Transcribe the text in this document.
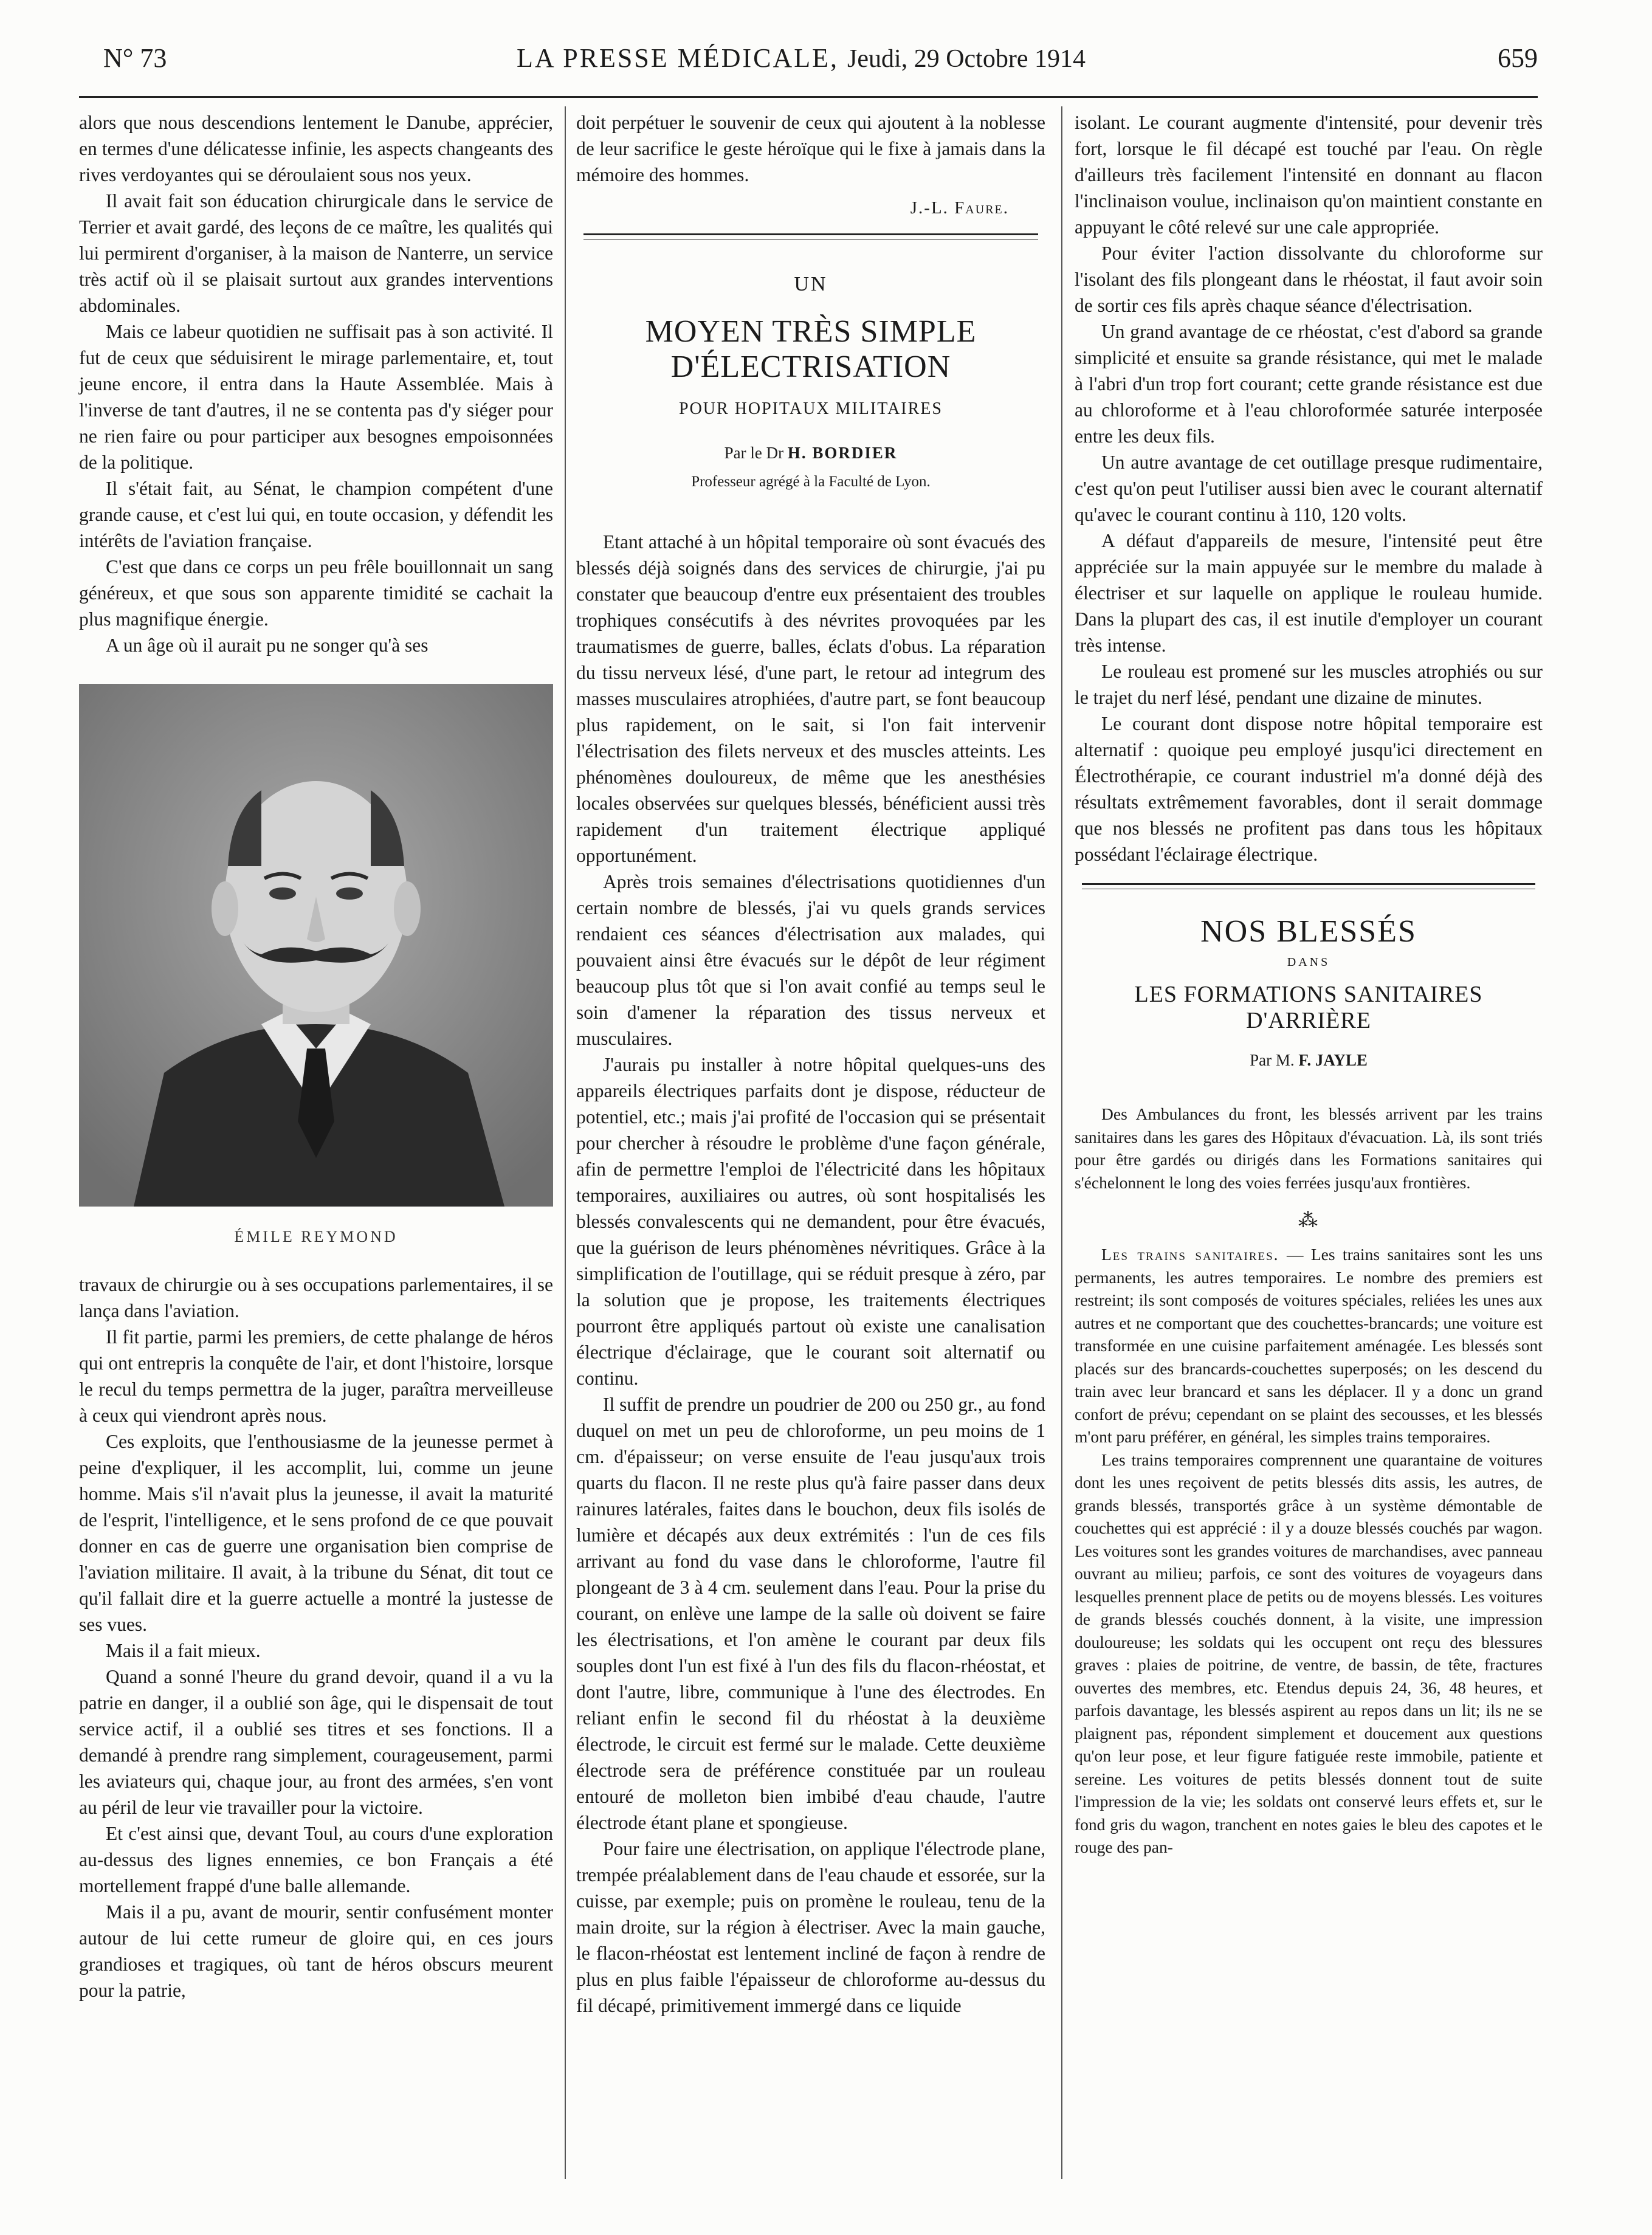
N° 73	LA PRESSE MÉDICALE, Jeudi, 29 Octobre 1914	659

alors que nous descendions lentement le Danube, apprécier, en termes d'une délicatesse infinie, les aspects changeants des rives verdoyantes qui se déroulaient sous nos yeux.

Il avait fait son éducation chirurgicale dans le service de Terrier et avait gardé, des leçons de ce maître, les qualités qui lui permirent d'organiser, à la maison de Nanterre, un service très actif où il se plaisait surtout aux grandes interventions abdominales.

Mais ce labeur quotidien ne suffisait pas à son activité. Il fut de ceux que séduisirent le mirage parlementaire, et, tout jeune encore, il entra dans la Haute Assemblée. Mais à l'inverse de tant d'autres, il ne se contenta pas d'y siéger pour ne rien faire ou pour participer aux besognes empoisonnées de la politique.

Il s'était fait, au Sénat, le champion compétent d'une grande cause, et c'est lui qui, en toute occasion, y défendit les intérêts de l'aviation française.

C'est que dans ce corps un peu frêle bouillonnait un sang généreux, et que sous son apparente timidité se cachait la plus magnifique énergie.

A un âge où il aurait pu ne songer qu'à ses

ÉMILE REYMOND

travaux de chirurgie ou à ses occupations parlementaires, il se lança dans l'aviation.

Il fit partie, parmi les premiers, de cette phalange de héros qui ont entrepris la conquête de l'air, et dont l'histoire, lorsque le recul du temps permettra de la juger, paraîtra merveilleuse à ceux qui viendront après nous.

Ces exploits, que l'enthousiasme de la jeunesse permet à peine d'expliquer, il les accomplit, lui, comme un jeune homme. Mais s'il n'avait plus la jeunesse, il avait la maturité de l'esprit, l'intelligence, et le sens profond de ce que pouvait donner en cas de guerre une organisation bien comprise de l'aviation militaire. Il avait, à la tribune du Sénat, dit tout ce qu'il fallait dire et la guerre actuelle a montré la justesse de ses vues.

Mais il a fait mieux.

Quand a sonné l'heure du grand devoir, quand il a vu la patrie en danger, il a oublié son âge, qui le dispensait de tout service actif, il a oublié ses titres et ses fonctions. Il a demandé à prendre rang simplement, courageusement, parmi les aviateurs qui, chaque jour, au front des armées, s'en vont au péril de leur vie travailler pour la victoire.

Et c'est ainsi que, devant Toul, au cours d'une exploration au-dessus des lignes ennemies, ce bon Français a été mortellement frappé d'une balle allemande.

Mais il a pu, avant de mourir, sentir confusément monter autour de lui cette rumeur de gloire qui, en ces jours grandioses et tragiques, où tant de héros obscurs meurent pour la patrie,

doit perpétuer le souvenir de ceux qui ajoutent à la noblesse de leur sacrifice le geste héroïque qui le fixe à jamais dans la mémoire des hommes.

J.-L. Faure.
UN
MOYEN TRÈS SIMPLE D'ÉLECTRISATION
POUR HOPITAUX MILITAIRES
Par le Dr H. BORDIER
Professeur agrégé à la Faculté de Lyon.

Etant attaché à un hôpital temporaire où sont évacués des blessés déjà soignés dans des services de chirurgie, j'ai pu constater que beaucoup d'entre eux présentaient des troubles trophiques consécutifs à des névrites provoquées par les traumatismes de guerre, balles, éclats d'obus. La réparation du tissu nerveux lésé, d'une part, le retour ad integrum des masses musculaires atrophiées, d'autre part, se font beaucoup plus rapidement, on le sait, si l'on fait intervenir l'électrisation des filets nerveux et des muscles atteints. Les phénomènes douloureux, de même que les anesthésies locales observées sur quelques blessés, bénéficient aussi très rapidement d'un traitement électrique appliqué opportunément.

Après trois semaines d'électrisations quotidiennes d'un certain nombre de blessés, j'ai vu quels grands services rendaient ces séances d'électrisation aux malades, qui pouvaient ainsi être évacués sur le dépôt de leur régiment beaucoup plus tôt que si l'on avait confié au temps seul le soin d'amener la réparation des tissus nerveux et musculaires.

J'aurais pu installer à notre hôpital quelques-uns des appareils électriques parfaits dont je dispose, réducteur de potentiel, etc.; mais j'ai profité de l'occasion qui se présentait pour chercher à résoudre le problème d'une façon générale, afin de permettre l'emploi de l'électricité dans les hôpitaux temporaires, auxiliaires ou autres, où sont hospitalisés les blessés convalescents qui ne demandent, pour être évacués, que la guérison de leurs phénomènes névritiques. Grâce à la simplification de l'outillage, qui se réduit presque à zéro, par la solution que je propose, les traitements électriques pourront être appliqués partout où existe une canalisation électrique d'éclairage, que le courant soit alternatif ou continu.

Il suffit de prendre un poudrier de 200 ou 250 gr., au fond duquel on met un peu de chloroforme, un peu moins de 1 cm. d'épaisseur; on verse ensuite de l'eau jusqu'aux trois quarts du flacon. Il ne reste plus qu'à faire passer dans deux rainures latérales, faites dans le bouchon, deux fils isolés de lumière et décapés aux deux extrémités : l'un de ces fils arrivant au fond du vase dans le chloroforme, l'autre fil plongeant de 3 à 4 cm. seulement dans l'eau. Pour la prise du courant, on enlève une lampe de la salle où doivent se faire les électrisations, et l'on amène le courant par deux fils souples dont l'un est fixé à l'un des fils du flacon-rhéostat, et dont l'autre, libre, communique à l'une des électrodes. En reliant enfin le second fil du rhéostat à la deuxième électrode, le circuit est fermé sur le malade. Cette deuxième électrode sera de préférence constituée par un rouleau entouré de molleton bien imbibé d'eau chaude, l'autre électrode étant plane et spongieuse.

Pour faire une électrisation, on applique l'électrode plane, trempée préalablement dans de l'eau chaude et essorée, sur la cuisse, par exemple; puis on promène le rouleau, tenu de la main droite, sur la région à électriser. Avec la main gauche, le flacon-rhéostat est lentement incliné de façon à rendre de plus en plus faible l'épaisseur de chloroforme au-dessus du fil décapé, primitivement immergé dans ce liquide

isolant. Le courant augmente d'intensité, pour devenir très fort, lorsque le fil décapé est touché par l'eau. On règle d'ailleurs très facilement l'intensité en donnant au flacon l'inclinaison voulue, inclinaison qu'on maintient constante en appuyant le côté relevé sur une cale appropriée.

Pour éviter l'action dissolvante du chloroforme sur l'isolant des fils plongeant dans le rhéostat, il faut avoir soin de sortir ces fils après chaque séance d'électrisation.

Un grand avantage de ce rhéostat, c'est d'abord sa grande simplicité et ensuite sa grande résistance, qui met le malade à l'abri d'un trop fort courant; cette grande résistance est due au chloroforme et à l'eau chloroformée saturée interposée entre les deux fils.

Un autre avantage de cet outillage presque rudimentaire, c'est qu'on peut l'utiliser aussi bien avec le courant alternatif qu'avec le courant continu à 110, 120 volts.

A défaut d'appareils de mesure, l'intensité peut être appréciée sur la main appuyée sur le membre du malade à électriser et sur laquelle on applique le rouleau humide. Dans la plupart des cas, il est inutile d'employer un courant très intense.

Le rouleau est promené sur les muscles atrophiés ou sur le trajet du nerf lésé, pendant une dizaine de minutes.

Le courant dont dispose notre hôpital temporaire est alternatif : quoique peu employé jusqu'ici directement en Électrothérapie, ce courant industriel m'a donné déjà des résultats extrêmement favorables, dont il serait dommage que nos blessés ne profitent pas dans tous les hôpitaux possédant l'éclairage électrique.

NOS BLESSÉS
DANS
LES FORMATIONS SANITAIRES D'ARRIÈRE
Par M. F. JAYLE

Des Ambulances du front, les blessés arrivent par les trains sanitaires dans les gares des Hôpitaux d'évacuation. Là, ils sont triés pour être gardés ou dirigés dans les Formations sanitaires qui s'échelonnent le long des voies ferrées jusqu'aux frontières.

⁂

Les trains sanitaires. — Les trains sanitaires sont les uns permanents, les autres temporaires. Le nombre des premiers est restreint; ils sont composés de voitures spéciales, reliées les unes aux autres et ne comportant que des couchettes-brancards; une voiture est transformée en une cuisine parfaitement aménagée. Les blessés sont placés sur des brancards-couchettes superposés; on les descend du train avec leur brancard et sans les déplacer. Il y a donc un grand confort de prévu; cependant on se plaint des secousses, et les blessés m'ont paru préférer, en général, les simples trains temporaires.

Les trains temporaires comprennent une quarantaine de voitures dont les unes reçoivent de petits blessés dits assis, les autres, de grands blessés, transportés grâce à un système démontable de couchettes qui est apprécié : il y a douze blessés couchés par wagon. Les voitures sont les grandes voitures de marchandises, avec panneau ouvrant au milieu; parfois, ce sont des voitures de voyageurs dans lesquelles prennent place de petits ou de moyens blessés. Les voitures de grands blessés couchés donnent, à la visite, une impression douloureuse; les soldats qui les occupent ont reçu des blessures graves : plaies de poitrine, de ventre, de bassin, de tête, fractures ouvertes des membres, etc. Etendus depuis 24, 36, 48 heures, et parfois davantage, les blessés aspirent au repos dans un lit; ils ne se plaignent pas, répondent simplement et doucement aux questions qu'on leur pose, et leur figure fatiguée reste immobile, patiente et sereine. Les voitures de petits blessés donnent tout de suite l'impression de la vie; les soldats ont conservé leurs effets et, sur le fond gris du wagon, tranchent en notes gaies le bleu des capotes et le rouge des pan-
